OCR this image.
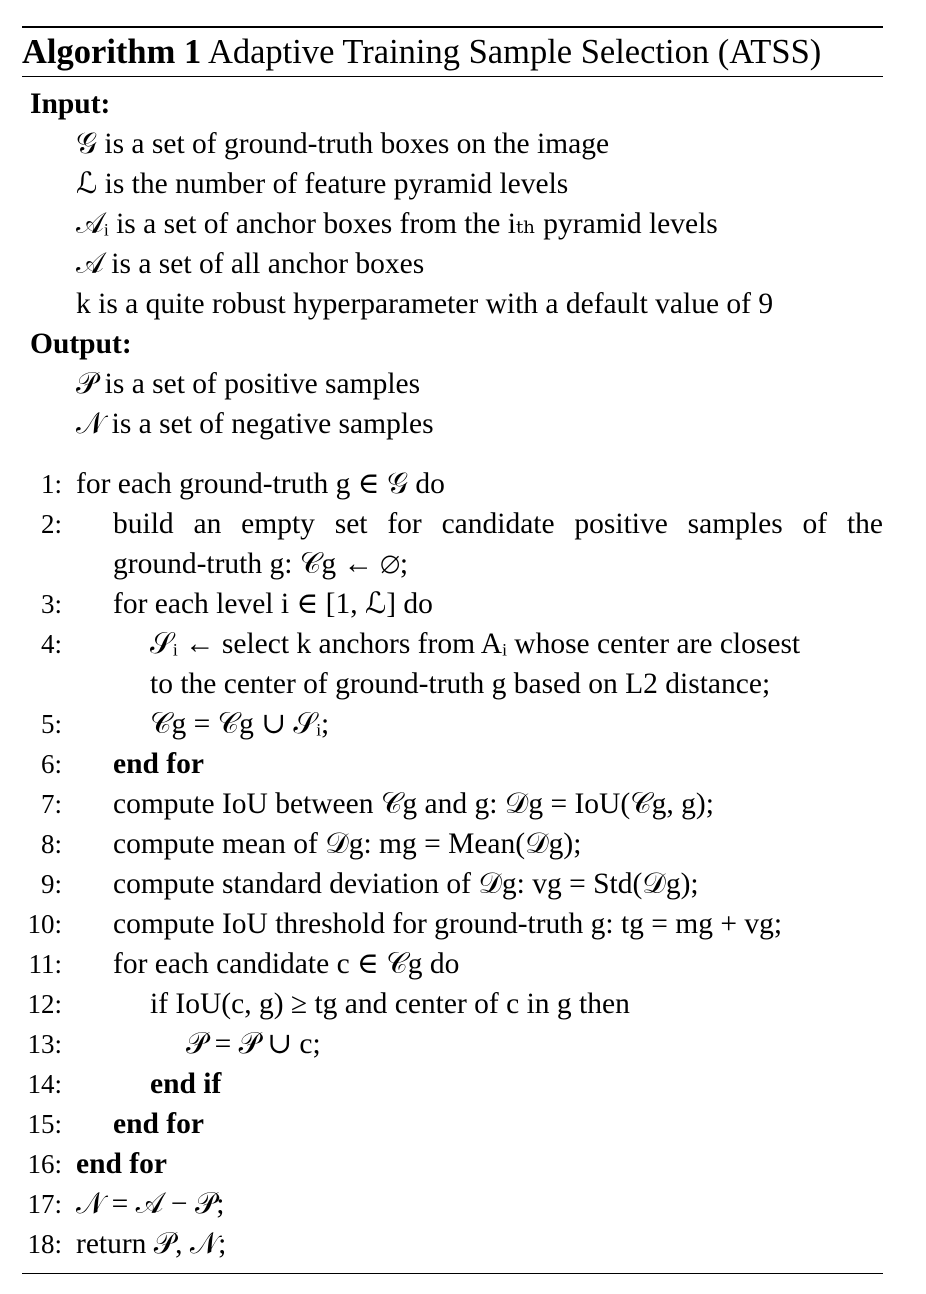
Algorithm 1 Adaptive Training Sample Selection (ATSS)
Input:
𝒢 is a set of ground-truth boxes on the image
ℒ is the number of feature pyramid levels
𝒜ᵢ is a set of anchor boxes from the iₜₕ pyramid levels
𝒜 is a set of all anchor boxes
k is a quite robust hyperparameter with a default value of 9
Output:
𝒫 is a set of positive samples
𝒩 is a set of negative samples
1: for each ground-truth g ∈ 𝒢 do
2: build an empty set for candidate positive samples of the
ground-truth g: 𝒞g ← ∅;
3: for each level i ∈ [1, ℒ] do
4:	𝒮ᵢ ← select k anchors from Aᵢ whose center are closest
to the center of ground-truth g based on L2 distance;
5:	𝒞g = 𝒞g ∪ 𝒮ᵢ;
6: end for
7: compute IoU between 𝒞g and g: 𝒟g = IoU(𝒞g, g);
8: compute mean of 𝒟g: mg = Mean(𝒟g);
9: compute standard deviation of 𝒟g: vg = Std(𝒟g);
10: compute IoU threshold for ground-truth g: tg = mg + vg;
11: for each candidate c ∈ 𝒞g do
12:	if IoU(c, g) ≥ tg and center of c in g then
13:	𝒫 = 𝒫 ∪ c;
14:	end if
15: end for
16: end for
17: 𝒩 = 𝒜 − 𝒫;
18: return 𝒫, 𝒩;
